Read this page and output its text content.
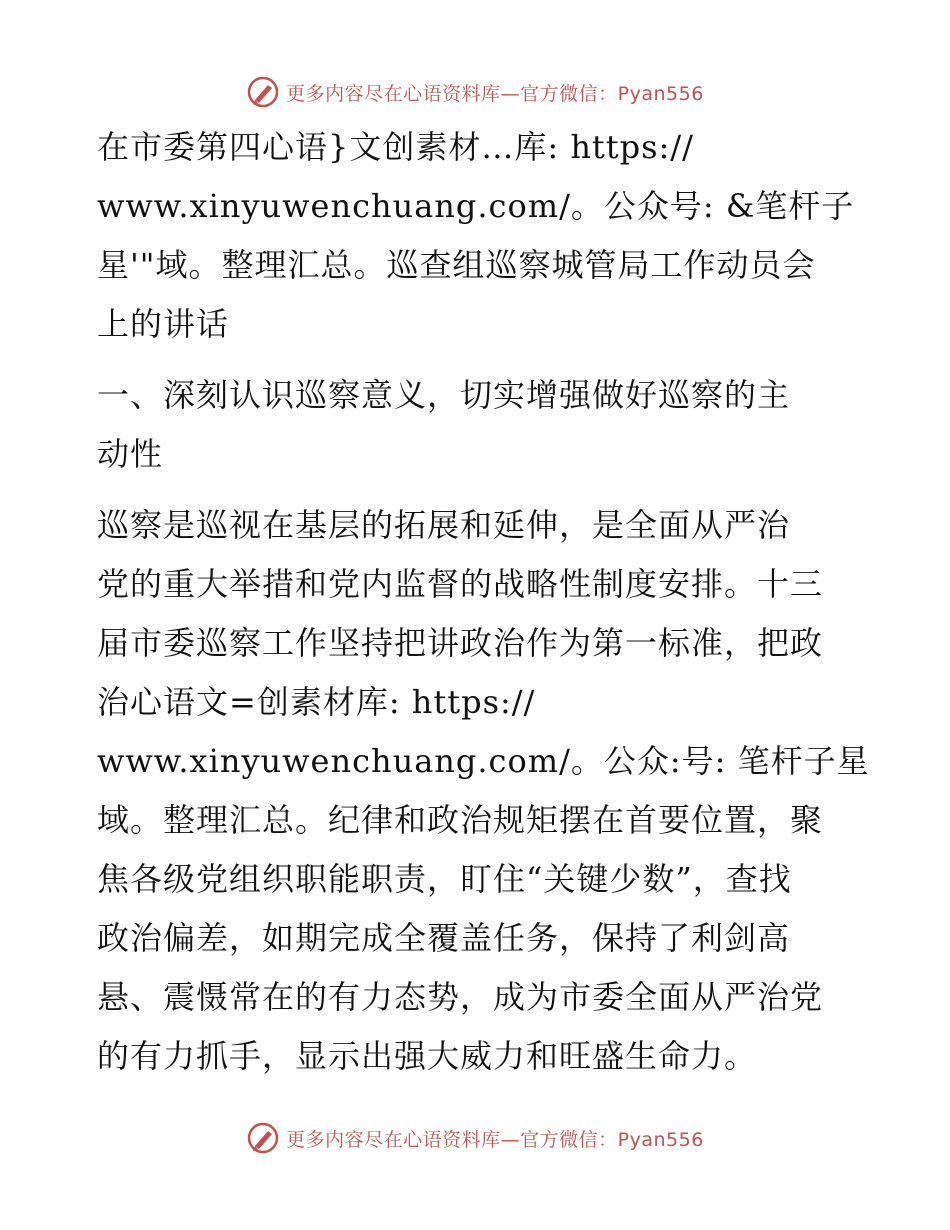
更多内容尽在心语资料库—官方微信：Pyan556

在市委第四心语}文创素材…库: https://
www.xinyuwenchuang.com/。公众号: &笔杆子
星'"域。整理汇总。巡查组巡察城管局工作动员会
上的讲话

一、深刻认识巡察意义，切实增强做好巡察的主
动性

巡察是巡视在基层的拓展和延伸，是全面从严治
党的重大举措和党内监督的战略性制度安排。十三
届市委巡察工作坚持把讲政治作为第一标准，把政
治心语文=创素材库: https://
www.xinyuwenchuang.com/。公众:号: 笔杆子星
域。整理汇总。纪律和政治规矩摆在首要位置，聚
焦各级党组织职能职责，盯住“关键少数”，查找
政治偏差，如期完成全覆盖任务，保持了利剑高
悬、震慑常在的有力态势，成为市委全面从严治党
的有力抓手，显示出强大威力和旺盛生命力。

更多内容尽在心语资料库—官方微信：Pyan556
